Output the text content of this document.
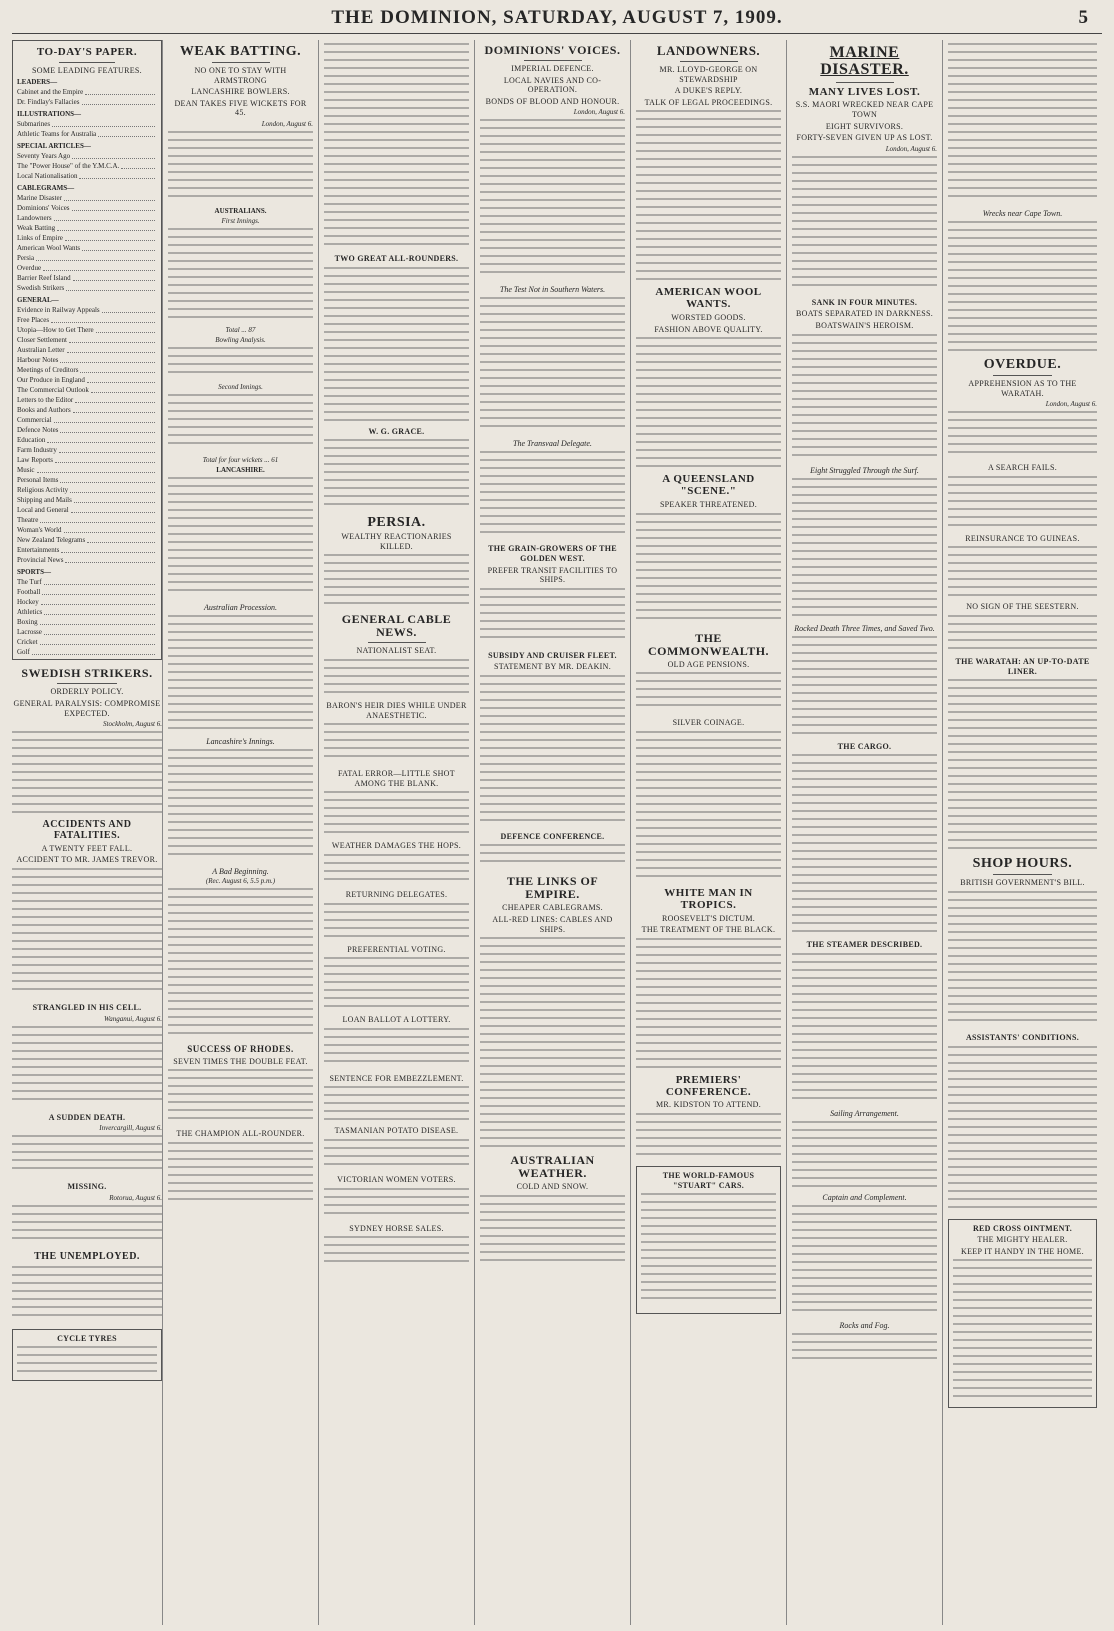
THE DOMINION, SATURDAY, AUGUST 7, 1909.	5
TO-DAY'S PAPER.
SOME LEADING FEATURES.
LEADERS—
Cabinet and the Empire
Dr. Findlay's Fallacies
ILLUSTRATIONS—
Submarines
Athletic Teams for Australia
SPECIAL ARTICLES—
Seventy Years Ago
The "Power House" of the Y.M.C.A.
Local Nationalisation
CABLEGRAMS—
Marine Disaster
Dominions' Voices
Landowners
Weak Batting
Links of Empire
American Wool Wants
Persia
Overdue
Barrier Reef Island
Swedish Strikers
GENERAL—
Evidence in Railway Appeals
Free Places
Utopia—How to Get There
Closer Settlement
Australian Letter
Harbour Notes
Meetings of Creditors
Our Produce in England
The Commercial Outlook
Letters to the Editor
Books and Authors
Commercial
Defence Notes
Education
Farm Industry
Law Reports
Music
Personal Items
Religious Activity
Shipping and Mails
Local and General
Theatre
Woman's World
New Zealand Telegrams
Entertainments
Provincial News
SPORTS—
The Turf
Football
Hockey
Athletics
Boxing
Lacrosse
Cricket
Golf
SWEDISH STRIKERS.
ORDERLY POLICY.
GENERAL PARALYSIS: COMPROMISE EXPECTED.
Stockholm, August 6.
ACCIDENTS AND FATALITIES.
A TWENTY FEET FALL.
ACCIDENT TO MR. JAMES TREVOR.
STRANGLED IN HIS CELL.
Wanganui, August 6.
A SUDDEN DEATH.
Invercargill, August 6.
MISSING.
Rotorua, August 6.
THE UNEMPLOYED.
CYCLE TYRES
WEAK BATTING.
NO ONE TO STAY WITH ARMSTRONG
LANCASHIRE BOWLERS.
DEAN TAKES FIVE WICKETS FOR 45.
London, August 6.
AUSTRALIANS.
First Innings.
Total ... 87
Bowling Analysis.
Second Innings.
Total for four wickets ... 61
LANCASHIRE.
Australian Procession.
Lancashire's Innings.
A Bad Beginning.
(Rec. August 6, 5.5 p.m.)
SUCCESS OF RHODES.
SEVEN TIMES THE DOUBLE FEAT.
THE CHAMPION ALL-ROUNDER.
TWO GREAT ALL-ROUNDERS.
W. G. GRACE.
PERSIA.
WEALTHY REACTIONARIES KILLED.
GENERAL CABLE NEWS.
NATIONALIST SEAT.
BARON'S HEIR DIES WHILE UNDER ANAESTHETIC.
FATAL ERROR—LITTLE SHOT AMONG THE BLANK.
WEATHER DAMAGES THE HOPS.
RETURNING DELEGATES.
PREFERENTIAL VOTING.
LOAN BALLOT A LOTTERY.
SENTENCE FOR EMBEZZLEMENT.
TASMANIAN POTATO DISEASE.
VICTORIAN WOMEN VOTERS.
SYDNEY HORSE SALES.
DOMINIONS' VOICES.
IMPERIAL DEFENCE.
LOCAL NAVIES AND CO-OPERATION.
BONDS OF BLOOD AND HONOUR.
London, August 6.
The Test Not in Southern Waters.
The Transvaal Delegate.
THE GRAIN-GROWERS OF THE GOLDEN WEST.
PREFER TRANSIT FACILITIES TO SHIPS.
SUBSIDY AND CRUISER FLEET.
STATEMENT BY MR. DEAKIN.
DEFENCE CONFERENCE.
THE LINKS OF EMPIRE.
CHEAPER CABLEGRAMS.
ALL-RED LINES: CABLES AND SHIPS.
AUSTRALIAN WEATHER.
COLD AND SNOW.
LANDOWNERS.
MR. LLOYD-GEORGE ON STEWARDSHIP
A DUKE'S REPLY.
TALK OF LEGAL PROCEEDINGS.
AMERICAN WOOL WANTS.
WORSTED GOODS.
FASHION ABOVE QUALITY.
A QUEENSLAND "SCENE."
SPEAKER THREATENED.
THE COMMONWEALTH.
OLD AGE PENSIONS.
SILVER COINAGE.
WHITE MAN IN TROPICS.
ROOSEVELT'S DICTUM.
THE TREATMENT OF THE BLACK.
PREMIERS' CONFERENCE.
MR. KIDSTON TO ATTEND.
THE WORLD-FAMOUS "STUART" CARS.
MARINE DISASTER.
MANY LIVES LOST.
S.S. MAORI WRECKED NEAR CAPE TOWN
EIGHT SURVIVORS.
FORTY-SEVEN GIVEN UP AS LOST.
London, August 6.
SANK IN FOUR MINUTES.
BOATS SEPARATED IN DARKNESS.
BOATSWAIN'S HEROISM.
Eight Struggled Through the Surf.
Rocked Death Three Times, and Saved Two.
THE CARGO.
THE STEAMER DESCRIBED.
Sailing Arrangement.
Captain and Complement.
Rocks and Fog.
Wrecks near Cape Town.
OVERDUE.
APPREHENSION AS TO THE WARATAH.
London, August 6.
A SEARCH FAILS.
REINSURANCE TO GUINEAS.
NO SIGN OF THE SEESTERN.
THE WARATAH: AN UP-TO-DATE LINER.
SHOP HOURS.
BRITISH GOVERNMENT'S BILL.
ASSISTANTS' CONDITIONS.
RED CROSS OINTMENT.
THE MIGHTY HEALER.
KEEP IT HANDY IN THE HOME.
